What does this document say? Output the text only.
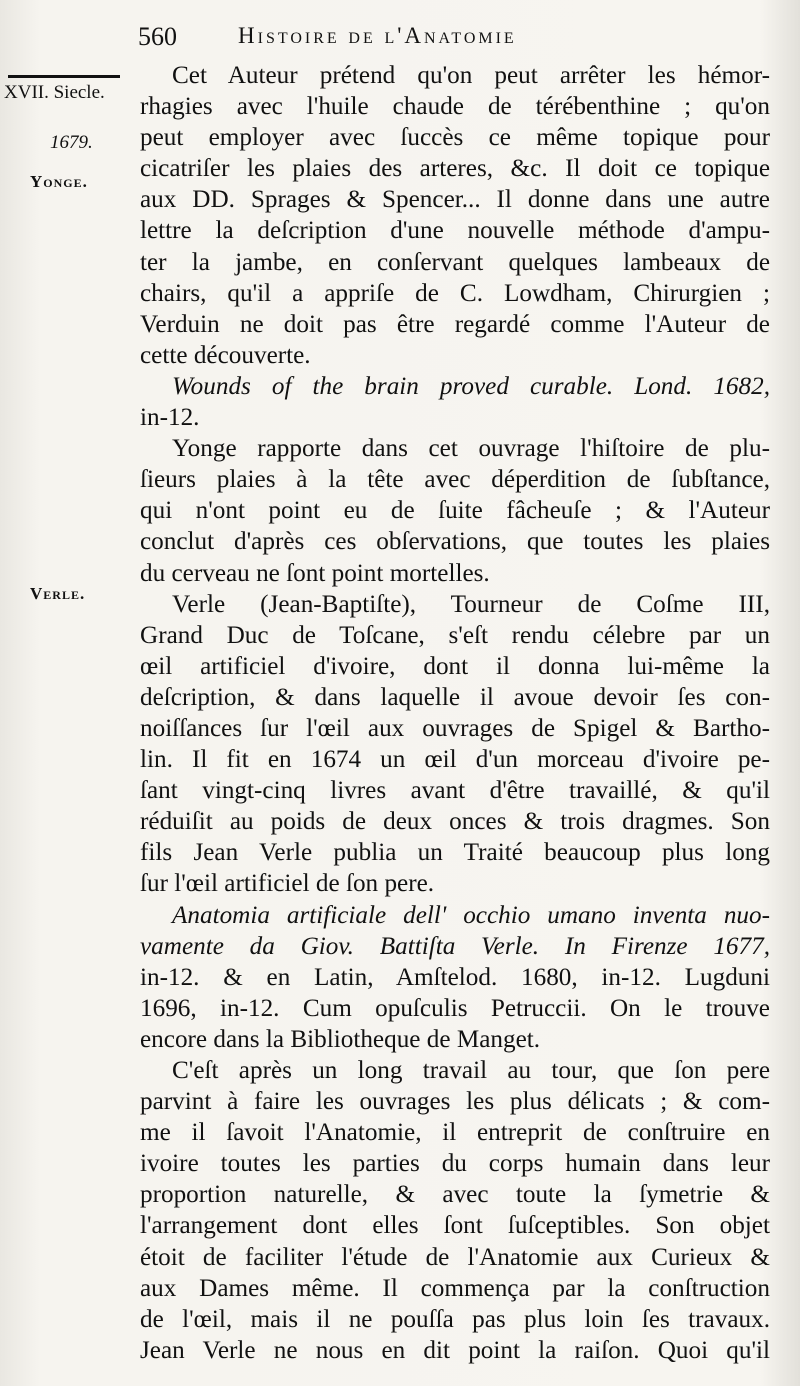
560	Histoire de l'Anatomie
XVII. Siecle.
1679.
Yonge.
Verle.
Cet Auteur prétend qu'on peut arrêter les hémor-
rhagies avec l'huile chaude de térébenthine ; qu'on
peut employer avec ſuccès ce même topique pour
cicatriſer les plaies des arteres, &c. Il doit ce topique
aux DD. Sprages & Spencer... Il donne dans une autre
lettre la deſcription d'une nouvelle méthode d'ampu-
ter la jambe, en conſervant quelques lambeaux de
chairs, qu'il a appriſe de C. Lowdham, Chirurgien ;
Verduin ne doit pas être regardé comme l'Auteur de
cette découverte.
Wounds of the brain proved curable. Lond. 1682,
in-12.
Yonge rapporte dans cet ouvrage l'hiſtoire de plu-
ſieurs plaies à la tête avec déperdition de ſubſtance,
qui n'ont point eu de ſuite fâcheuſe ; & l'Auteur
conclut d'après ces obſervations, que toutes les plaies
du cerveau ne ſont point mortelles.
Verle (Jean-Baptiſte), Tourneur de Coſme III,
Grand Duc de Toſcane, s'eſt rendu célebre par un
œil artificiel d'ivoire, dont il donna lui-même la
deſcription, & dans laquelle il avoue devoir ſes con-
noiſſances ſur l'œil aux ouvrages de Spigel & Bartho-
lin. Il fit en 1674 un œil d'un morceau d'ivoire pe-
ſant vingt-cinq livres avant d'être travaillé, & qu'il
réduiſit au poids de deux onces & trois dragmes. Son
fils Jean Verle publia un Traité beaucoup plus long
ſur l'œil artificiel de ſon pere.
Anatomia artificiale dell' occhio umano inventa nuo-
vamente da Giov. Battiſta Verle. In Firenze 1677,
in-12. & en Latin, Amſtelod. 1680, in-12. Lugduni
1696, in-12. Cum opuſculis Petruccii. On le trouve
encore dans la Bibliotheque de Manget.
C'eſt après un long travail au tour, que ſon pere
parvint à faire les ouvrages les plus délicats ; & com-
me il ſavoit l'Anatomie, il entreprit de conſtruire en
ivoire toutes les parties du corps humain dans leur
proportion naturelle, & avec toute la ſymetrie &
l'arrangement dont elles ſont ſuſceptibles. Son objet
étoit de faciliter l'étude de l'Anatomie aux Curieux &
aux Dames même. Il commença par la conſtruction
de l'œil, mais il ne pouſſa pas plus loin ſes travaux.
Jean Verle ne nous en dit point la raiſon. Quoi qu'il
